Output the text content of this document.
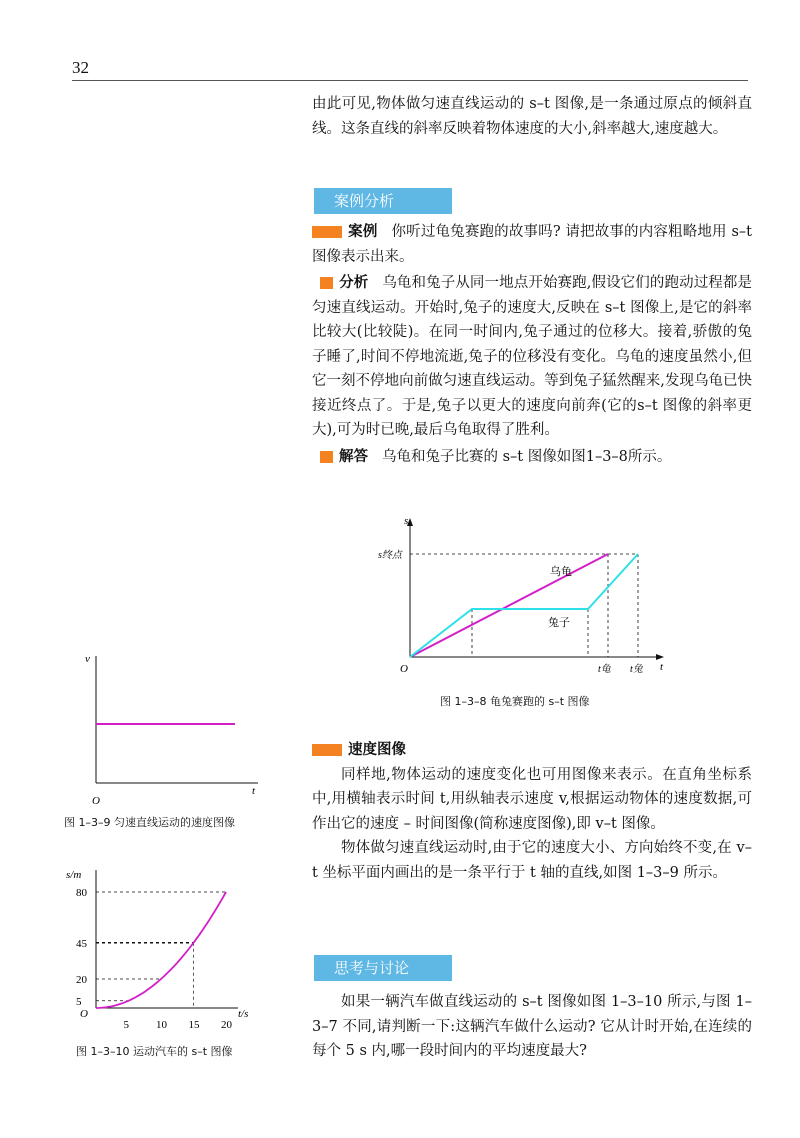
32

由此可见,物体做匀速直线运动的 s–t 图像,是一条通过原点的倾斜直线。这条直线的斜率反映着物体速度的大小,斜率越大,速度越大。

案例分析

案例 你听过龟兔赛跑的故事吗? 请把故事的内容粗略地用 s–t 图像表示出来。

分析 乌龟和兔子从同一地点开始赛跑,假设它们的跑动过程都是匀速直线运动。开始时,兔子的速度大,反映在 s–t 图像上,是它的斜率比较大(比较陡)。在同一时间内,兔子通过的位移大。接着,骄傲的兔子睡了,时间不停地流逝,兔子的位移没有变化。乌龟的速度虽然小,但它一刻不停地向前做匀速直线运动。等到兔子猛然醒来,发现乌龟已快接近终点了。于是,兔子以更大的速度向前奔(它的s–t 图像的斜率更大),可为时已晚,最后乌龟取得了胜利。

解答 乌龟和兔子比赛的 s–t 图像如图1–3–8所示。

s
t
O
s终点
乌龟
兔子
t龟 t兔
图 1–3–8 龟兔赛跑的 s–t 图像

速度图像

同样地,物体运动的速度变化也可用图像来表示。在直角坐标系中,用横轴表示时间 t,用纵轴表示速度 v,根据运动物体的速度数据,可作出它的速度 – 时间图像(简称速度图像),即 v–t 图像。

物体做匀速直线运动时,由于它的速度大小、方向始终不变,在 v–t 坐标平面内画出的是一条平行于 t 轴的直线,如图 1–3–9 所示。

v
t
O
图 1–3–9 匀速直线运动的速度图像
s/m
t/s
O
5 10 15 20
5
20
45
80
图 1–3–10 运动汽车的 s–t 图像
思考与讨论

如果一辆汽车做直线运动的 s–t 图像如图 1–3–10 所示,与图 1–3–7 不同,请判断一下:这辆汽车做什么运动? 它从计时开始,在连续的每个 5 s 内,哪一段时间内的平均速度最大?
